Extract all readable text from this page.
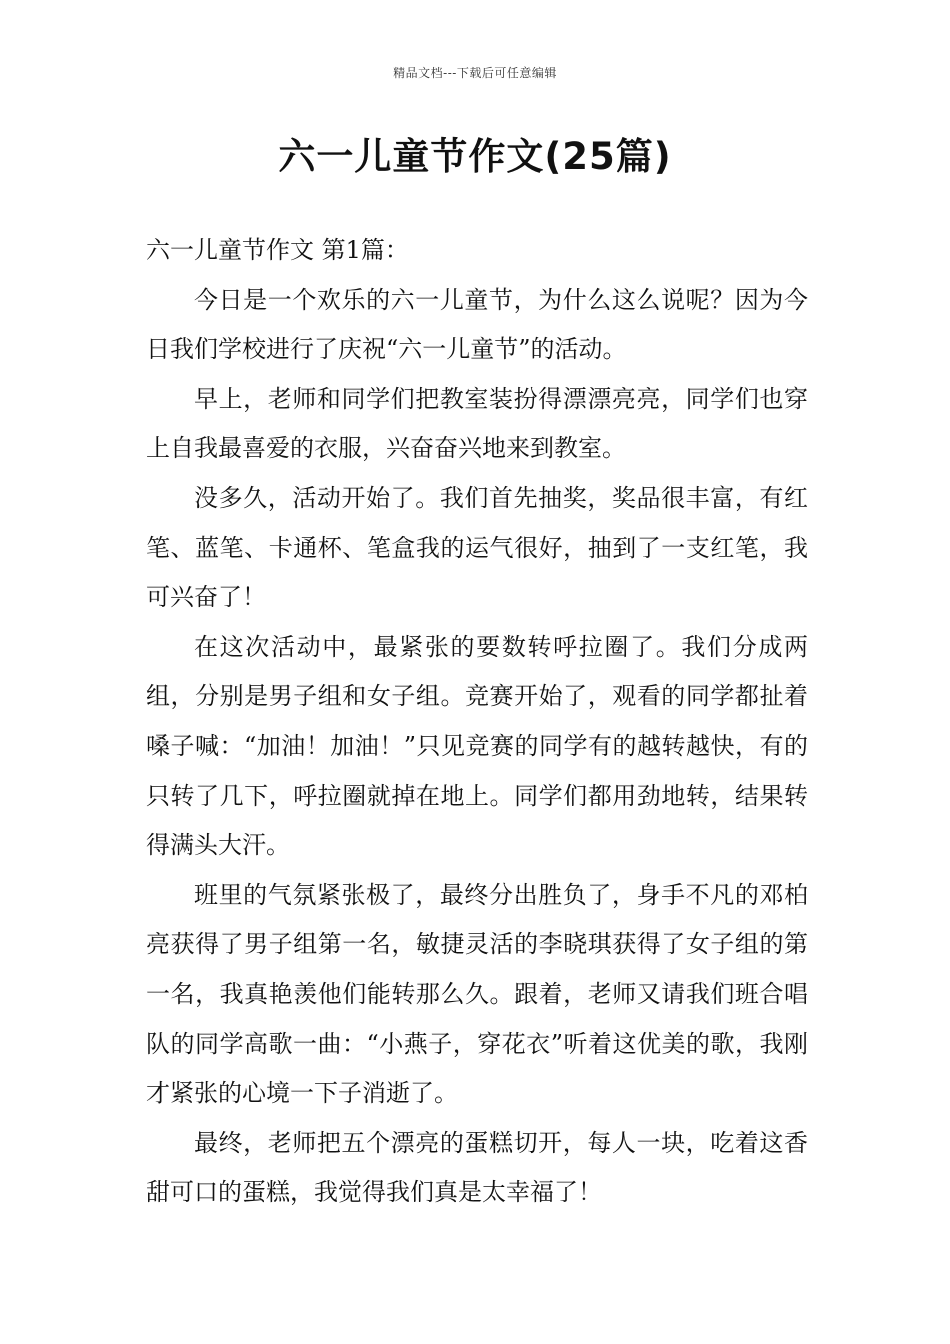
精品文档---下载后可任意编辑
六一儿童节作文(25篇)

六一儿童节作文 第1篇：

今日是一个欢乐的六一儿童节，为什么这么说呢？因为今日我们学校进行了庆祝“六一儿童节”的活动。

早上，老师和同学们把教室装扮得漂漂亮亮，同学们也穿上自我最喜爱的衣服，兴奋奋兴地来到教室。

没多久，活动开始了。我们首先抽奖，奖品很丰富，有红笔、蓝笔、卡通杯、笔盒我的运气很好，抽到了一支红笔，我可兴奋了！

在这次活动中，最紧张的要数转呼拉圈了。我们分成两组，分别是男子组和女子组。竞赛开始了，观看的同学都扯着嗓子喊：“加油！加油！”只见竞赛的同学有的越转越快，有的只转了几下，呼拉圈就掉在地上。同学们都用劲地转，结果转得满头大汗。

班里的气氛紧张极了，最终分出胜负了，身手不凡的邓柏亮获得了男子组第一名，敏捷灵活的李晓琪获得了女子组的第一名，我真艳羡他们能转那么久。跟着，老师又请我们班合唱队的同学高歌一曲：“小燕子，穿花衣”听着这优美的歌，我刚才紧张的心境一下子消逝了。

最终，老师把五个漂亮的蛋糕切开，每人一块，吃着这香甜可口的蛋糕，我觉得我们真是太幸福了！
